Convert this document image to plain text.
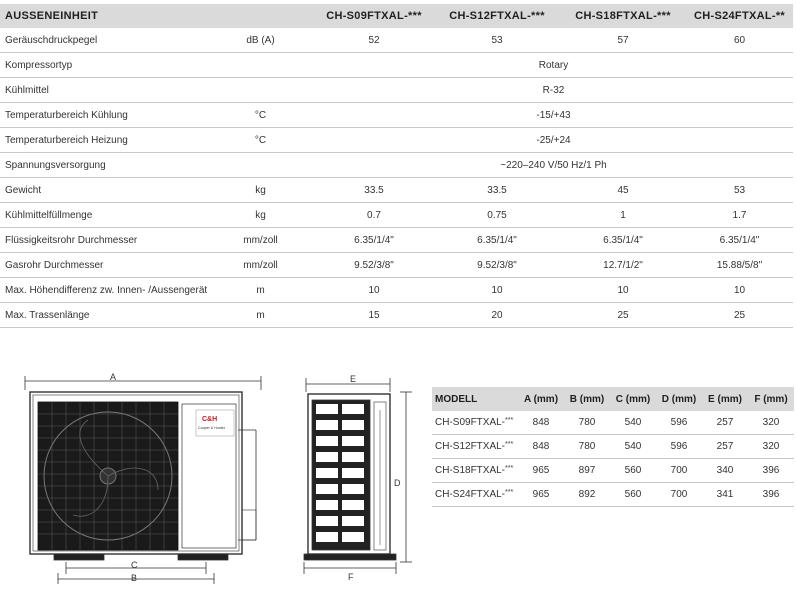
AUSSENEINHEIT		CH-S09FTXAL-***	CH-S12FTXAL-***	CH-S18FTXAL-***	CH-S24FTXAL-**
Geräuschdruckpegel	dB (A)	52	53	57	60
Kompressortyp		Rotary			
Kühlmittel		R-32			
Temperaturbereich Kühlung	°C	-15/+43			
Temperaturbereich Heizung	°C	-25/+24			
Spannungsversorgung		~220–240 V/50 Hz/1 Ph			
Gewicht	kg	33.5	33.5	45	53
Kühlmittelfüllmenge	kg	0.7	0.75	1	1.7
Flüssigkeitsrohr Durchmesser	mm/zoll	6.35/1/4"	6.35/1/4"	6.35/1/4"	6.35/1/4"
Gasrohr Durchmesser	mm/zoll	9.52/3/8"	9.52/3/8"	12.7/1/2"	15.88/5/8"
Max. Höhendifferenz zw. Innen- /Aussengerät	m	10	10	10	10
Max. Trassenlänge	m	15	20	25	25
C&H
Cooper & Hunter
A
C
B
E
D
F
MODELL	A (mm)	B (mm)	C (mm)	D (mm)	E (mm)	F (mm)
CH-S09FTXAL-***	848	780	540	596	257	320
CH-S12FTXAL-***	848	780	540	596	257	320
CH-S18FTXAL-***	965	897	560	700	340	396
CH-S24FTXAL-***	965	892	560	700	341	396
